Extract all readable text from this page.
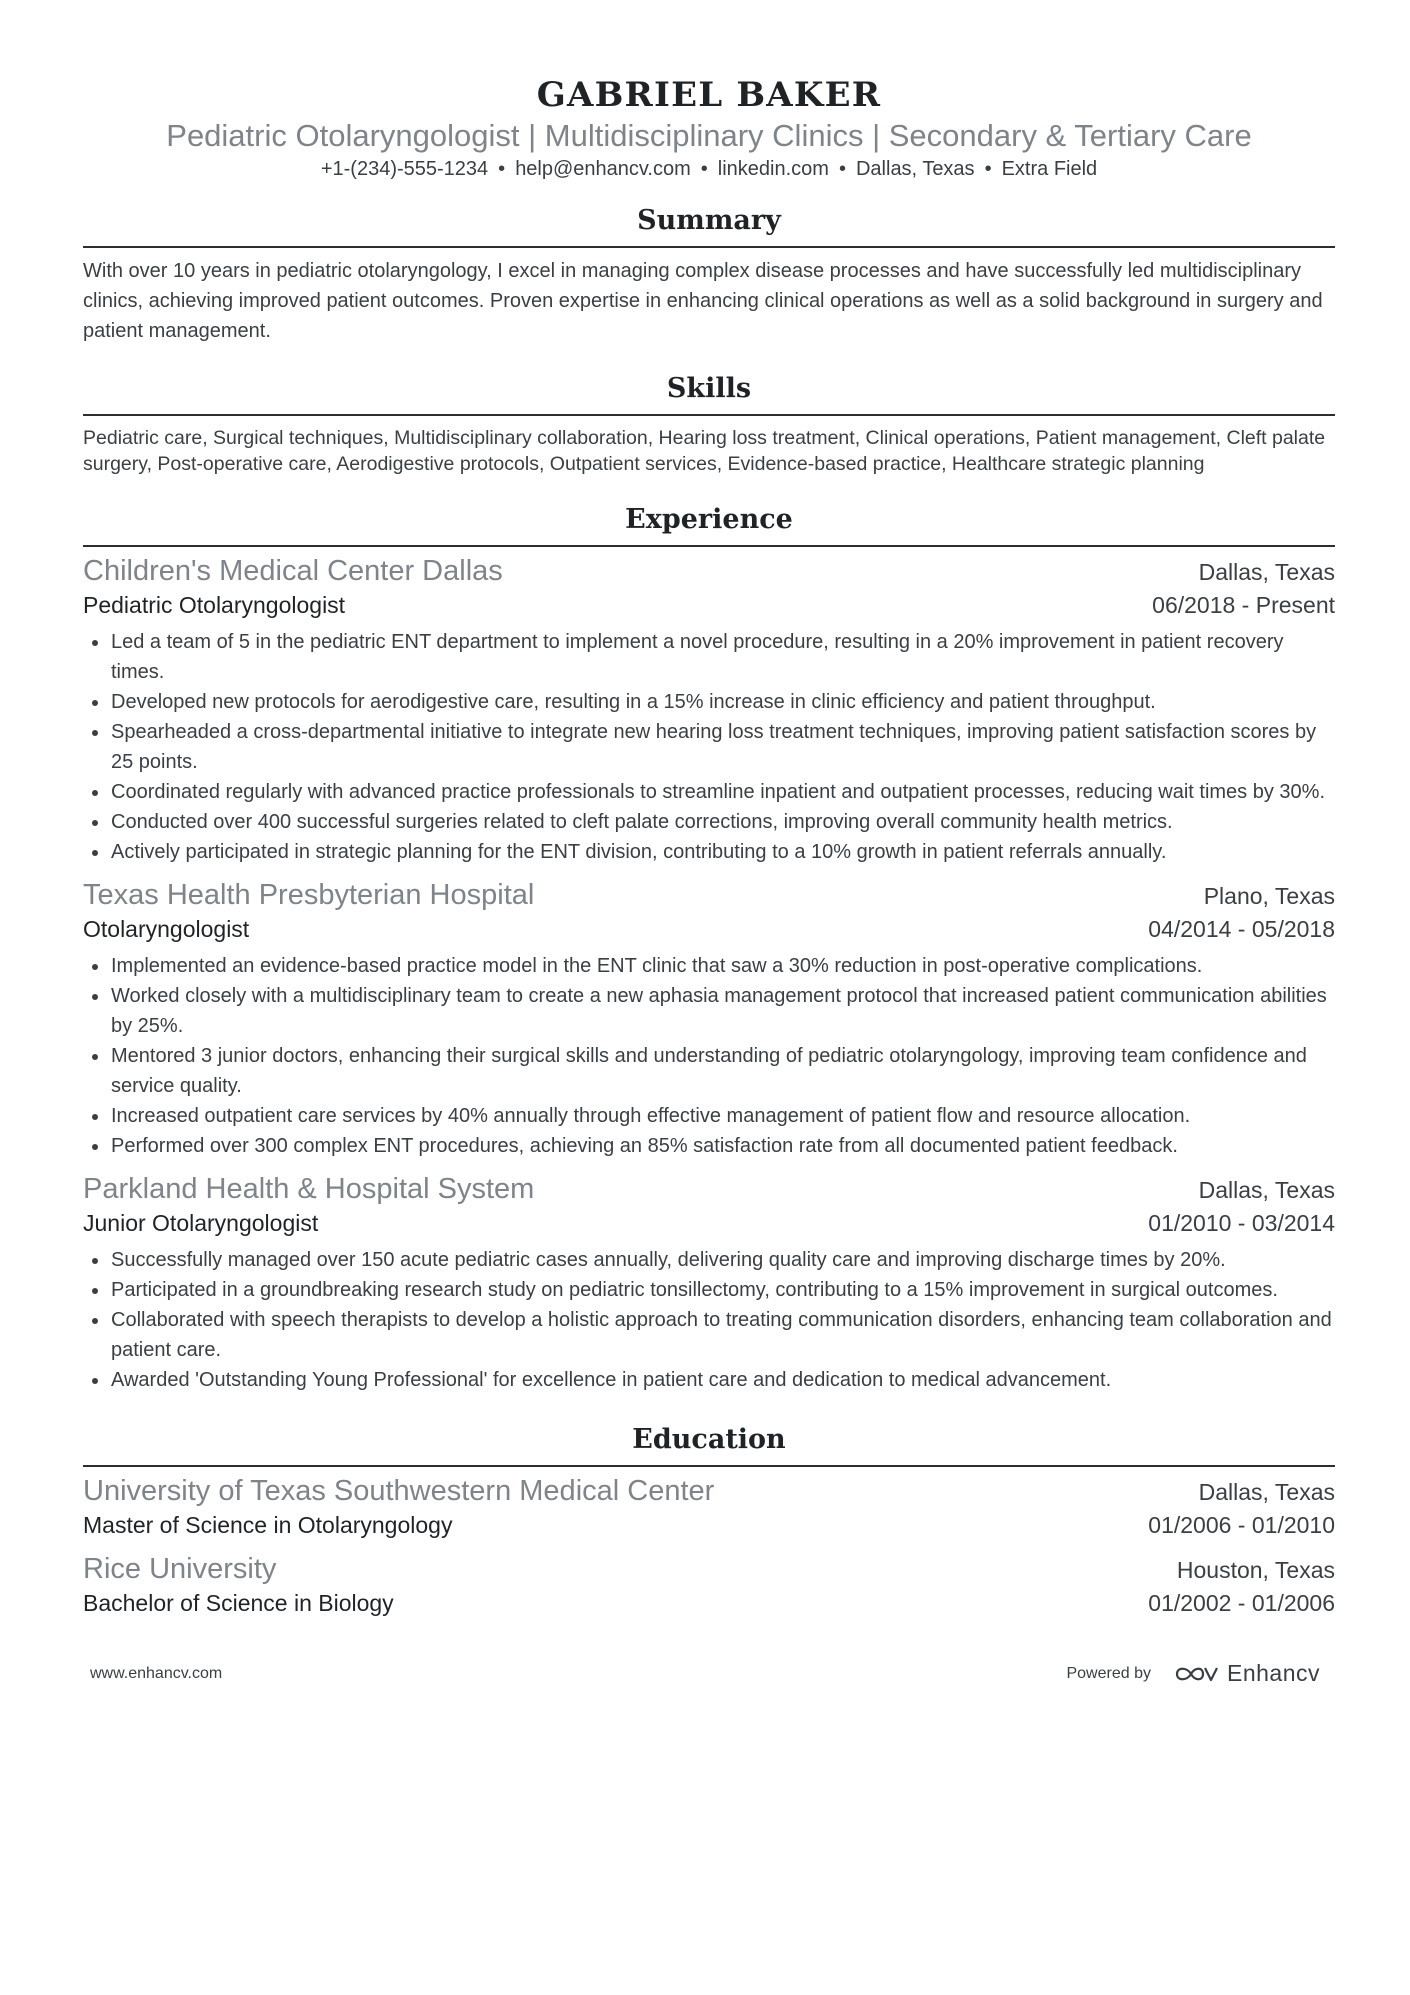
GABRIEL BAKER
Pediatric Otolaryngologist | Multidisciplinary Clinics | Secondary & Tertiary Care
+1-(234)-555-1234 • help@enhancv.com • linkedin.com • Dallas, Texas • Extra Field
Summary
With over 10 years in pediatric otolaryngology, I excel in managing complex disease processes and have successfully led multidisciplinary clinics, achieving improved patient outcomes. Proven expertise in enhancing clinical operations as well as a solid background in surgery and patient management.
Skills
Pediatric care, Surgical techniques, Multidisciplinary collaboration, Hearing loss treatment, Clinical operations, Patient management, Cleft palate surgery, Post-operative care, Aerodigestive protocols, Outpatient services, Evidence-based practice, Healthcare strategic planning
Experience
Children's Medical Center Dallas	Dallas, Texas
Pediatric Otolaryngologist	06/2018 - Present
Led a team of 5 in the pediatric ENT department to implement a novel procedure, resulting in a 20% improvement in patient recovery times.
Developed new protocols for aerodigestive care, resulting in a 15% increase in clinic efficiency and patient throughput.
Spearheaded a cross-departmental initiative to integrate new hearing loss treatment techniques, improving patient satisfaction scores by 25 points.
Coordinated regularly with advanced practice professionals to streamline inpatient and outpatient processes, reducing wait times by 30%.
Conducted over 400 successful surgeries related to cleft palate corrections, improving overall community health metrics.
Actively participated in strategic planning for the ENT division, contributing to a 10% growth in patient referrals annually.
Texas Health Presbyterian Hospital	Plano, Texas
Otolaryngologist	04/2014 - 05/2018
Implemented an evidence-based practice model in the ENT clinic that saw a 30% reduction in post-operative complications.
Worked closely with a multidisciplinary team to create a new aphasia management protocol that increased patient communication abilities by 25%.
Mentored 3 junior doctors, enhancing their surgical skills and understanding of pediatric otolaryngology, improving team confidence and service quality.
Increased outpatient care services by 40% annually through effective management of patient flow and resource allocation.
Performed over 300 complex ENT procedures, achieving an 85% satisfaction rate from all documented patient feedback.
Parkland Health & Hospital System	Dallas, Texas
Junior Otolaryngologist	01/2010 - 03/2014
Successfully managed over 150 acute pediatric cases annually, delivering quality care and improving discharge times by 20%.
Participated in a groundbreaking research study on pediatric tonsillectomy, contributing to a 15% improvement in surgical outcomes.
Collaborated with speech therapists to develop a holistic approach to treating communication disorders, enhancing team collaboration and patient care.
Awarded 'Outstanding Young Professional' for excellence in patient care and dedication to medical advancement.
Education
University of Texas Southwestern Medical Center	Dallas, Texas
Master of Science in Otolaryngology	01/2006 - 01/2010
Rice University	Houston, Texas
Bachelor of Science in Biology	01/2002 - 01/2006
www.enhancv.com	Powered by	Enhancv
